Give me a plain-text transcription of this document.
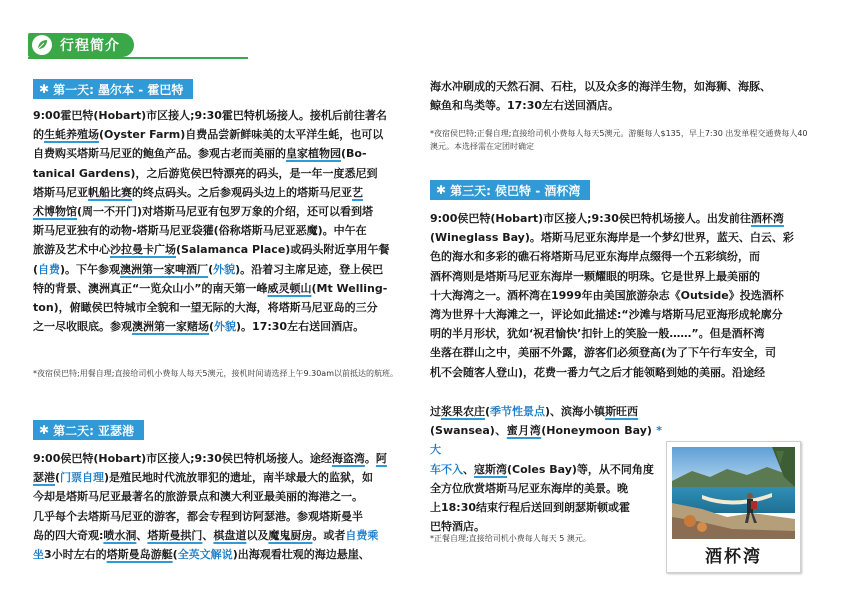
行程简介
✱ 第一天: 墨尔本 - 霍巴特
9:00霍巴特(Hobart)市区接人;9:30霍巴特机场接人。接机后前往著名
的生蚝养殖场(Oyster Farm)自费品尝新鲜味美的太平洋生蚝，也可以
自费购买塔斯马尼亚的鲍鱼产品。参观古老而美丽的皇家植物园(Bo-
tanical Gardens)，之后游览侯巴特漂亮的码头，是一年一度悉尼到
塔斯马尼亚帆船比赛的终点码头。之后参观码头边上的塔斯马尼亚艺
术博物馆(周一不开门)对塔斯马尼亚有包罗万象的介绍，还可以看到塔
斯马尼亚独有的动物-塔斯马尼亚袋獾(俗称塔斯马尼亚恶魔)。中午在
旅游及艺术中心沙拉曼卡广场(Salamanca Place)或码头附近享用午餐
(自费)。下午参观澳洲第一家啤酒厂(外貌)。沿着习主席足迹，登上侯巴
特的背景、澳洲真正“一览众山小”的南天第一峰威灵顿山(Mt Welling-
ton)，俯瞰侯巴特城市全貌和一望无际的大海，将塔斯马尼亚岛的三分
之一尽收眼底。参观澳洲第一家赌场(外貌)。17:30左右送回酒店。
*夜宿侯巴特;用餐自理;直接给司机小费每人每天5澳元，接机时间请选择上午9.30am以前抵达的航班。
✱ 第二天: 亚瑟港
9:00侯巴特(Hobart)市区接人;9:30侯巴特机场接人。途经海盗湾。阿
瑟港(门票自理)是殖民地时代流放罪犯的遗址，南半球最大的监狱，如
今却是塔斯马尼亚最著名的旅游景点和澳大利亚最美丽的海港之一。
几乎每个去塔斯马尼亚的游客，都会专程到访阿瑟港。参观塔斯曼半
岛的四大奇观:喷水洞、塔斯曼拱门、棋盘道以及魔鬼厨房。或者自费乘
坐3小时左右的塔斯曼岛游艇(全英文解说)出海观看壮观的海边悬崖、
海水冲刷成的天然石洞、石柱，以及众多的海洋生物，如海狮、海豚、
鲸鱼和鸟类等。17:30左右送回酒店。
*夜宿侯巴特;正餐自理;直接给司机小费每人每天5澳元。游艇每人$135，早上7:30 出发单程交通费每人40澳元。本选择需在定团时确定
✱ 第三天: 侯巴特 - 酒杯湾
9:00侯巴特(Hobart)市区接人;9:30侯巴特机场接人。出发前往酒杯湾
(Wineglass Bay)。塔斯马尼亚东海岸是一个梦幻世界，蓝天、白云、彩
色的海水和多彩的礁石将塔斯马尼亚东海岸点缀得一个五彩缤纷，而
酒杯湾则是塔斯马尼亚东海岸一颗耀眼的明珠。它是世界上最美丽的
十大海湾之一。酒杯湾在1999年由美国旅游杂志《Outside》投选酒杯
湾为世界十大海滩之一，评论如此描述:“沙滩与塔斯马尼亚海形成轮廓分
明的半月形状，犹如‘祝君愉快’扣针上的笑脸一般……”。但是酒杯湾
坐落在群山之中，美丽不外露，游客们必须登高(为了下午行车安全，司
机不会随客人登山)，花费一番力气之后才能领略到她的美丽。沿途经
过浆果农庄(季节性景点)、滨海小镇斯旺西
(Swansea)、蜜月湾(Honeymoon Bay) *大
车不入、寇斯湾(Coles Bay)等，从不同角度
全方位欣赏塔斯马尼亚东海岸的美景。晚
上18:30结束行程后送回到朗瑟斯顿或霍
巴特酒店。
*正餐自理;直接给司机小费每人每天 5 澳元。
酒杯湾
